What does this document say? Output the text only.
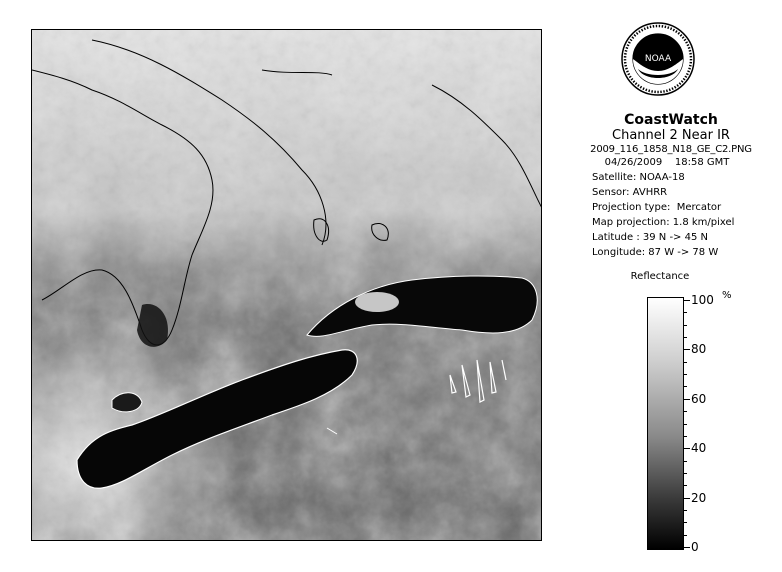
NOAA
CoastWatch
Channel 2 Near IR
2009_116_1858_N18_GE_C2.PNG
04/26/2009    18:58 GMT
Satellite: NOAA-18
Sensor: AVHRR
Projection type:  Mercator
Map projection: 1.8 km/pixel
Latitude : 39 N -> 45 N
Longitude: 87 W -> 78 W
Reflectance
%
100
80
60
40
20
0
